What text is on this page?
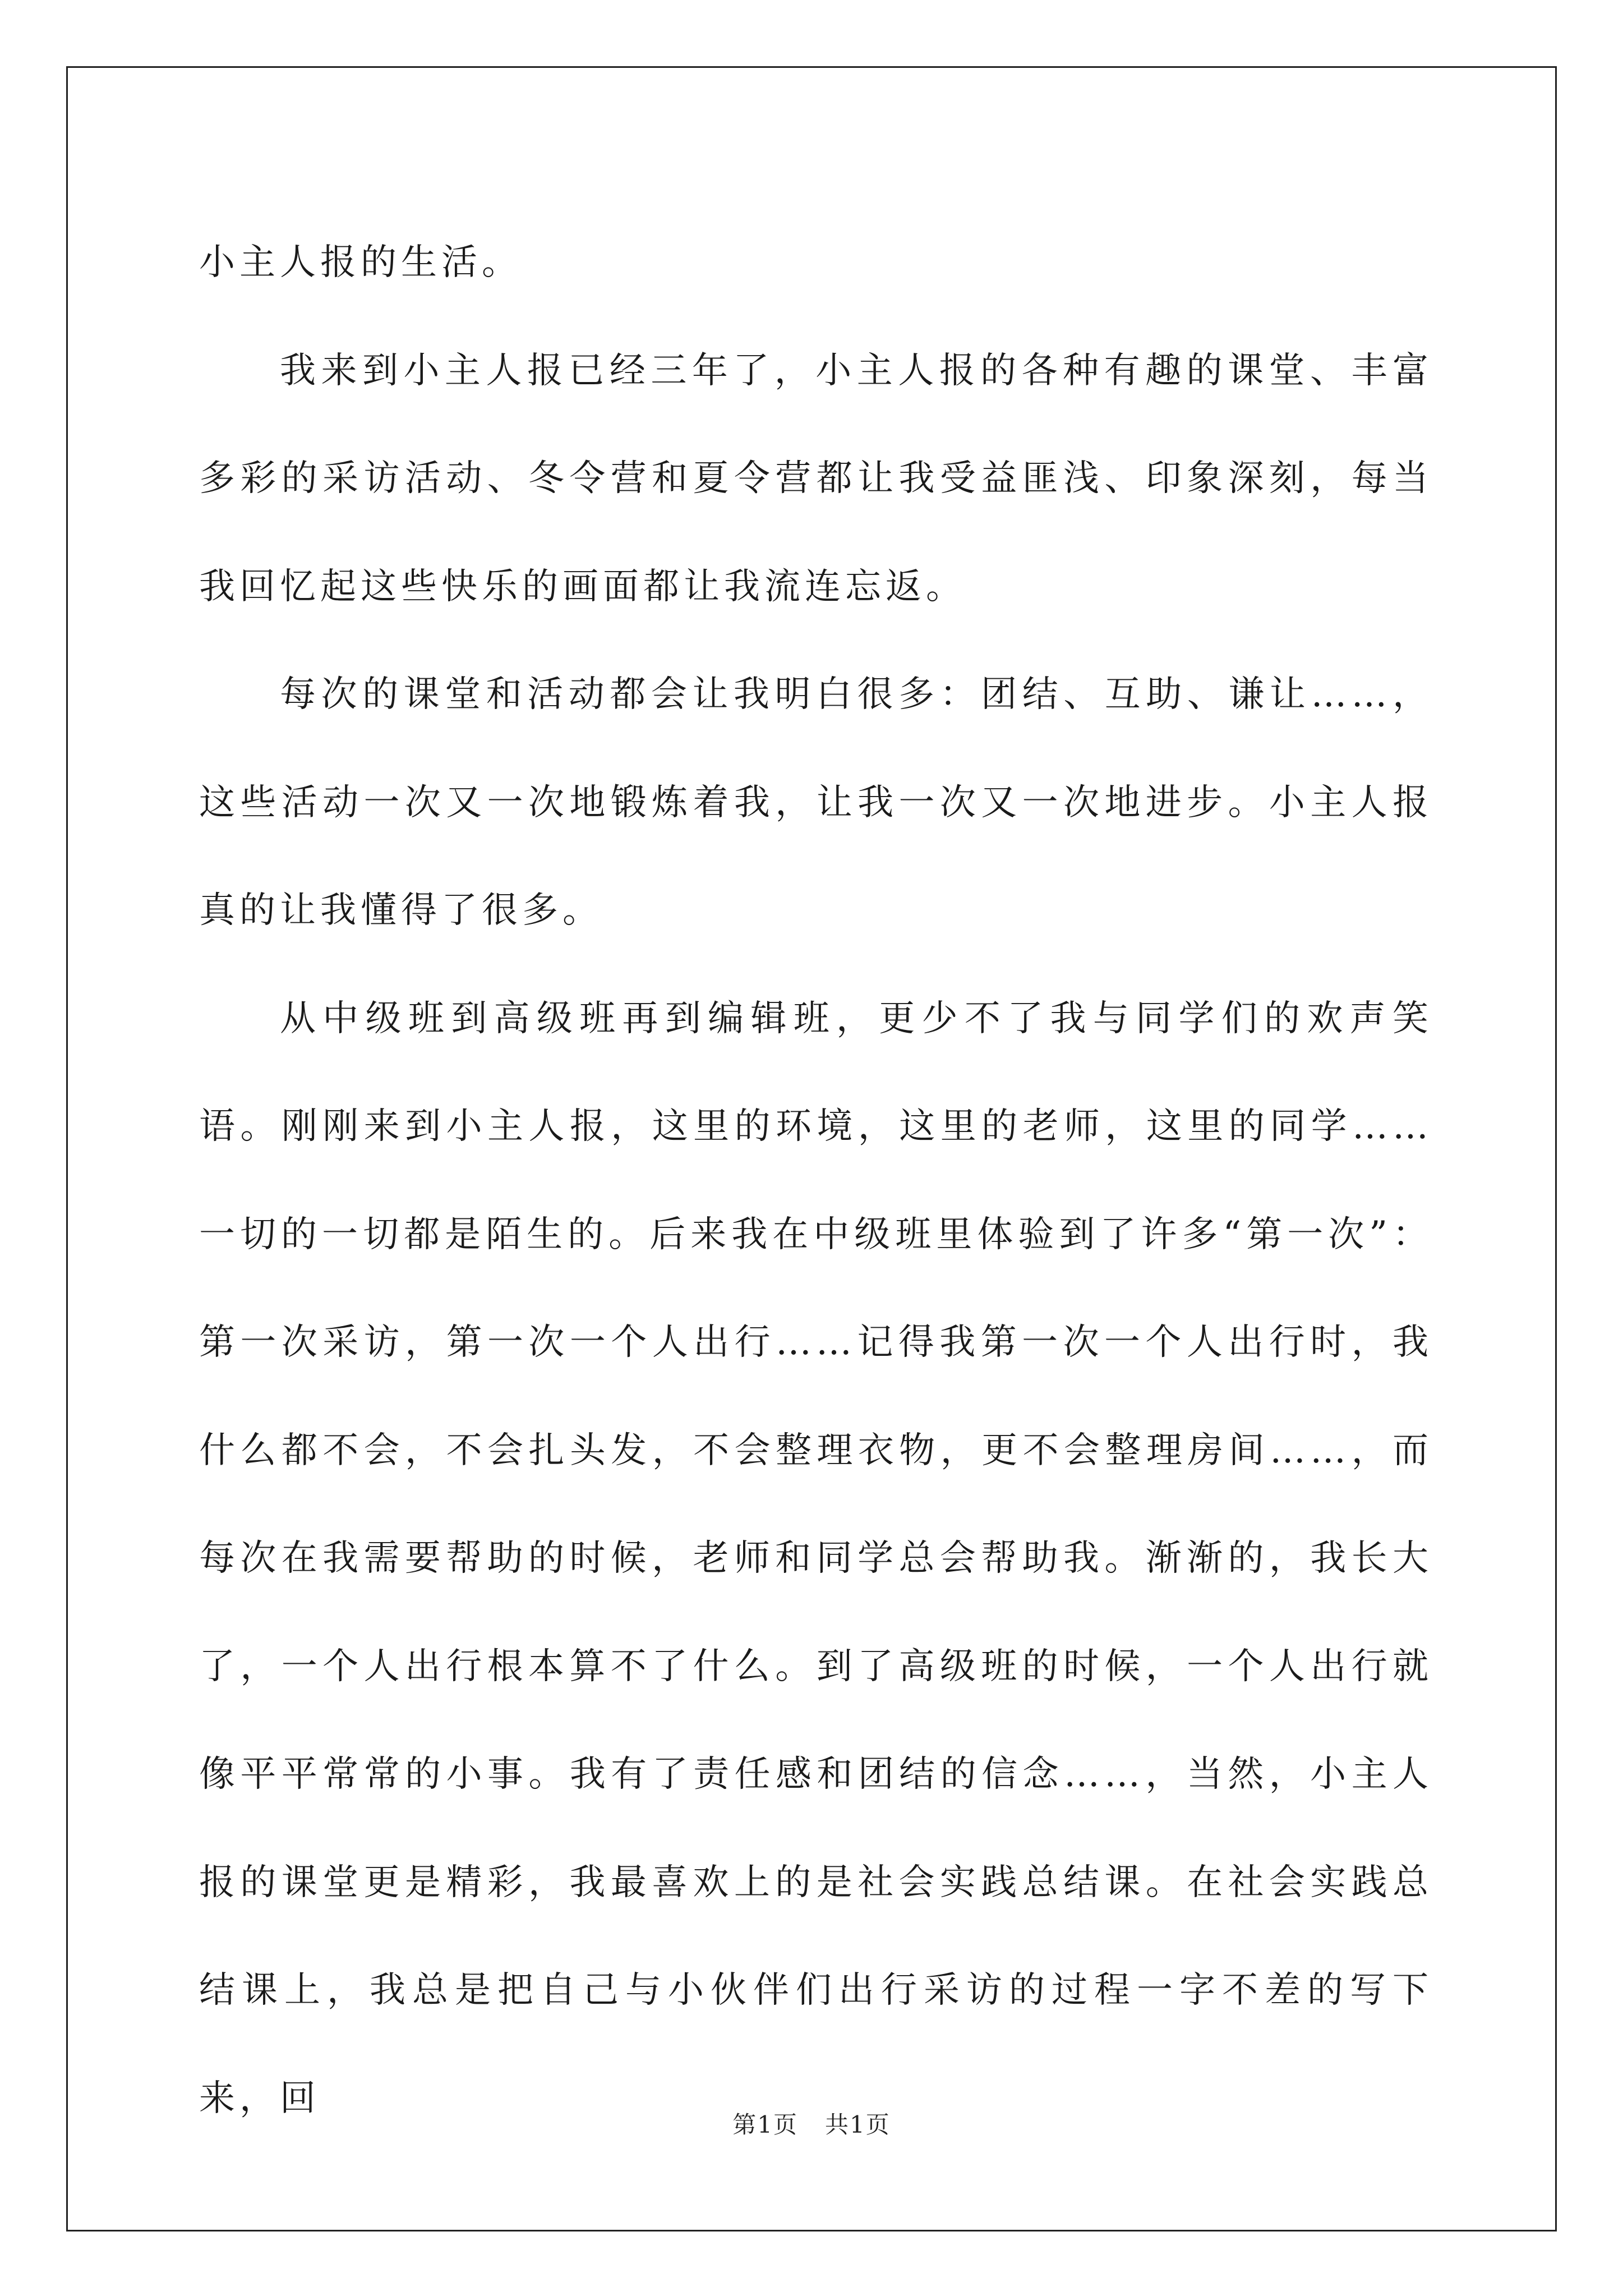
小主人报的生活。

我来到小主人报已经三年了，小主人报的各种有趣的课堂、丰富多彩的采访活动、冬令营和夏令营都让我受益匪浅、印象深刻，每当我回忆起这些快乐的画面都让我流连忘返。

每次的课堂和活动都会让我明白很多：团结、互助、谦让……，这些活动一次又一次地锻炼着我，让我一次又一次地进步。小主人报真的让我懂得了很多。

从中级班到高级班再到编辑班，更少不了我与同学们的欢声笑语。刚刚来到小主人报，这里的环境，这里的老师，这里的同学……一切的一切都是陌生的。后来我在中级班里体验到了许多“第一次”：第一次采访，第一次一个人出行……记得我第一次一个人出行时，我什么都不会，不会扎头发，不会整理衣物，更不会整理房间……，而每次在我需要帮助的时候，老师和同学总会帮助我。渐渐的，我长大了，一个人出行根本算不了什么。到了高级班的时候，一个人出行就像平平常常的小事。我有了责任感和团结的信念……，当然，小主人报的课堂更是精彩，我最喜欢上的是社会实践总结课。在社会实践总结课上，我总是把自己与小伙伴们出行采访的过程一字不差的写下来，回

第1页 共1页
